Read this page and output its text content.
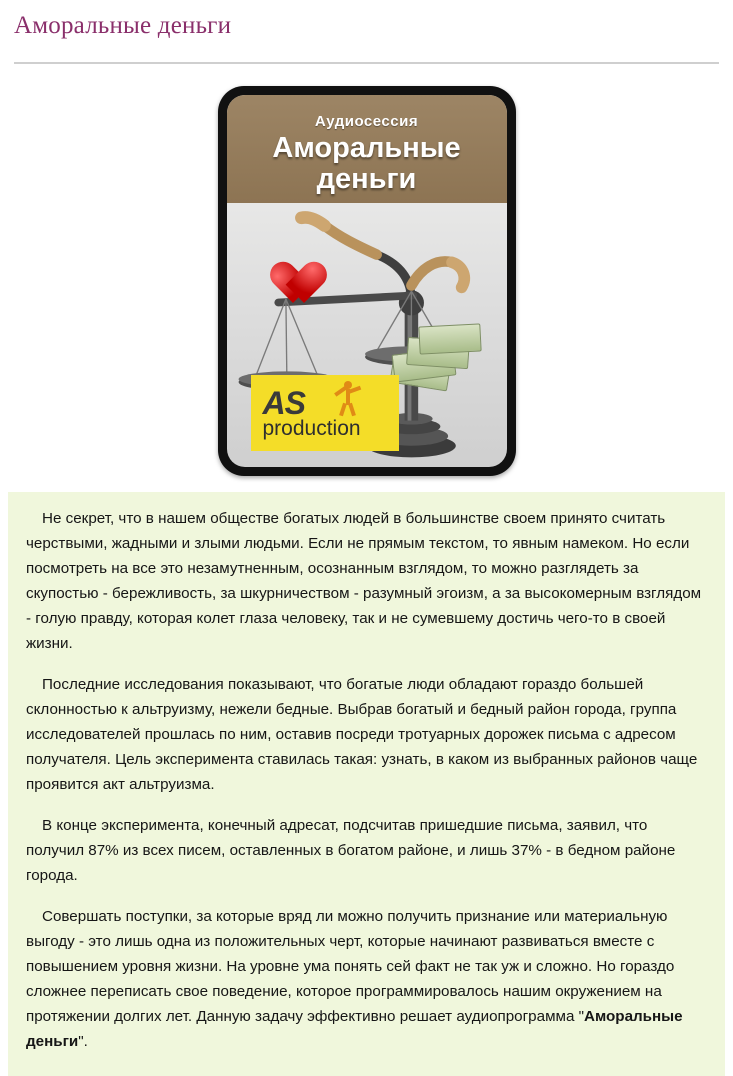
Аморальные деньги
Аудиосессия
Аморальные
деньги
AS
production

Не секрет, что в нашем обществе богатых людей в большинстве своем принято считать черствыми, жадными и злыми людьми. Если не прямым текстом, то явным намеком. Но если посмотреть на все это незамутненным, осознанным взглядом, то можно разглядеть за скупостью - бережливость, за шкурничеством - разумный эгоизм, а за высокомерным взглядом - голую правду, которая колет глаза человеку, так и не сумевшему достичь чего-то в своей жизни.

Последние исследования показывают, что богатые люди обладают гораздо большей склонностью к альтруизму, нежели бедные. Выбрав богатый и бедный район города, группа исследователей прошлась по ним, оставив посреди тротуарных дорожек письма с адресом получателя. Цель эксперимента ставилась такая: узнать, в каком из выбранных районов чаще проявится акт альтруизма.

В конце эксперимента, конечный адресат, подсчитав пришедшие письма, заявил, что получил 87% из всех писем, оставленных в богатом районе, и лишь 37% - в бедном районе города.

Совершать поступки, за которые вряд ли можно получить признание или материальную выгоду - это лишь одна из положительных черт, которые начинают развиваться вместе с повышением уровня жизни. На уровне ума понять сей факт не так уж и сложно. Но гораздо сложнее переписать свое поведение, которое программировалось нашим окружением на протяжении долгих лет. Данную задачу эффективно решает аудиопрограмма "Аморальные деньги".
